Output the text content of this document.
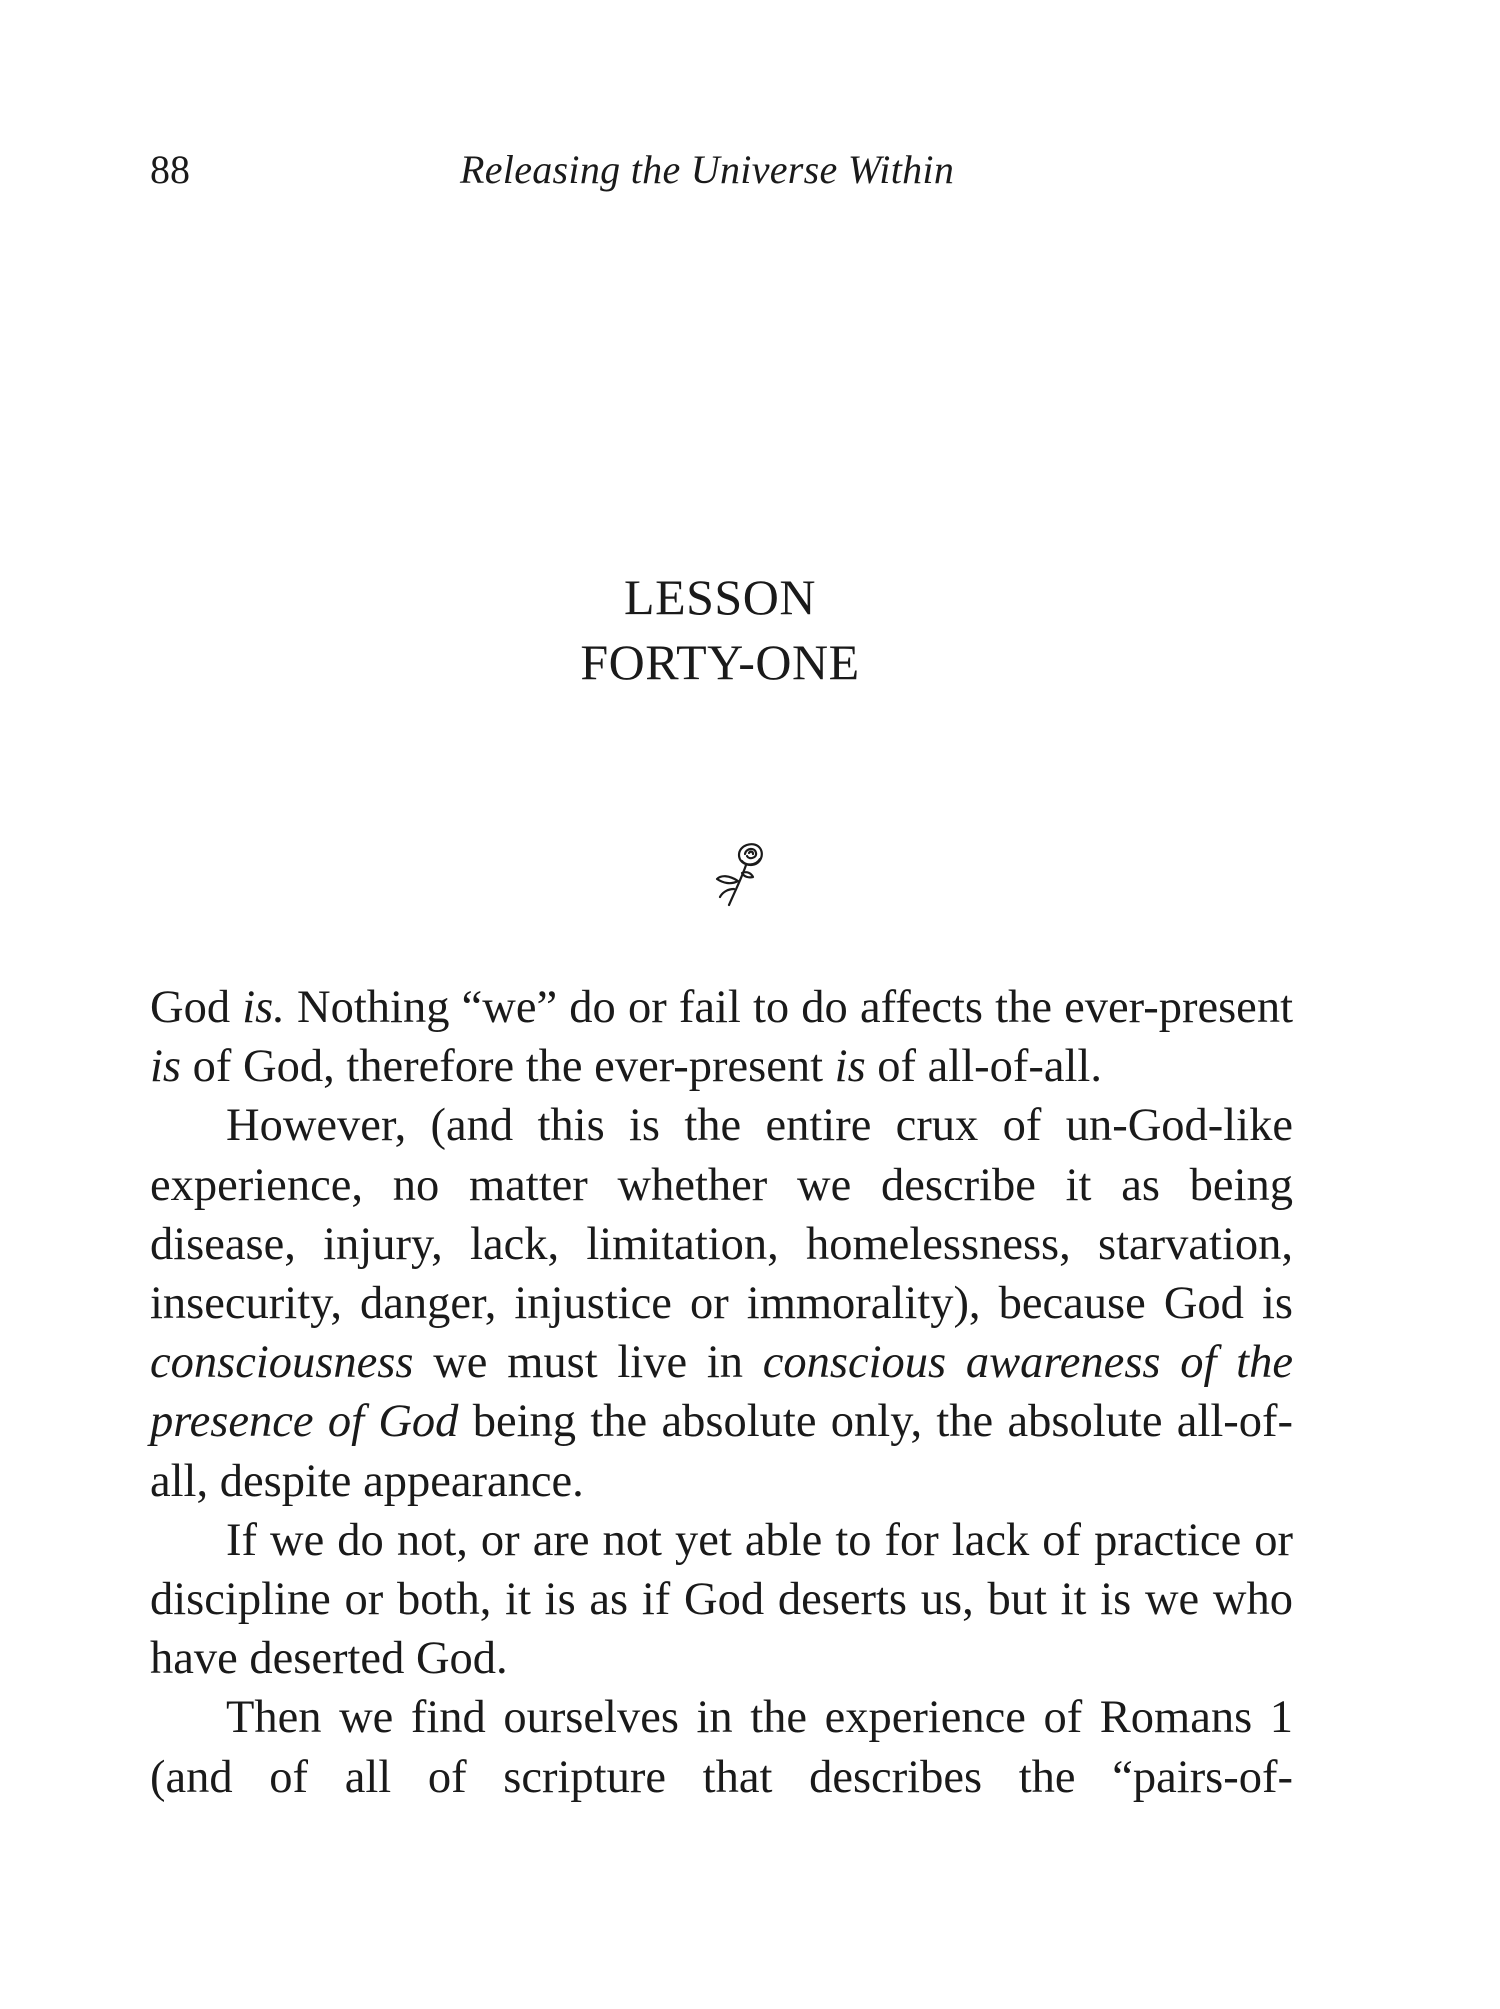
88	Releasing the Universe Within
LESSON
FORTY-ONE

God is. Nothing “we” do or fail to do affects the ever-present is of God, therefore the ever-present is of all-of-all.

However, (and this is the entire crux of un-God-like experience, no matter whether we describe it as being disease, injury, lack, limitation, homelessness, starvation, insecurity, danger, injustice or immorality), because God is consciousness we must live in conscious awareness of the presence of God being the absolute only, the absolute all-of-all, despite appearance.

If we do not, or are not yet able to for lack of practice or discipline or both, it is as if God deserts us, but it is we who have deserted God.

Then we find ourselves in the experience of Romans 1 (and of all of scripture that describes the “pairs-of-
